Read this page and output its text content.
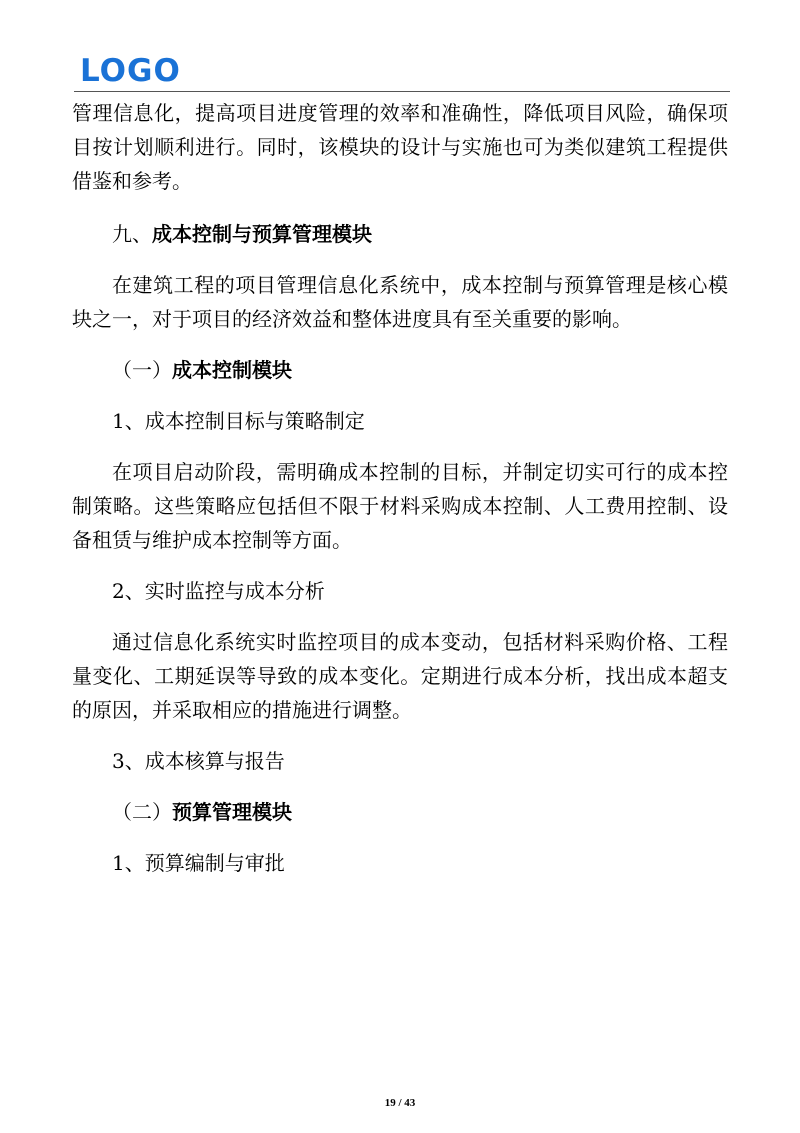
LOGO

管理信息化，提高项目进度管理的效率和准确性，降低项目风险，确保项目按计划顺利进行。同时，该模块的设计与实施也可为类似建筑工程提供借鉴和参考。

九、成本控制与预算管理模块

在建筑工程的项目管理信息化系统中，成本控制与预算管理是核心模块之一，对于项目的经济效益和整体进度具有至关重要的影响。

（一）成本控制模块

1、成本控制目标与策略制定

在项目启动阶段，需明确成本控制的目标，并制定切实可行的成本控制策略。这些策略应包括但不限于材料采购成本控制、人工费用控制、设备租赁与维护成本控制等方面。

2、实时监控与成本分析

通过信息化系统实时监控项目的成本变动，包括材料采购价格、工程量变化、工期延误等导致的成本变化。定期进行成本分析，找出成本超支的原因，并采取相应的措施进行调整。

3、成本核算与报告

（二）预算管理模块

1、预算编制与审批

19 / 43
